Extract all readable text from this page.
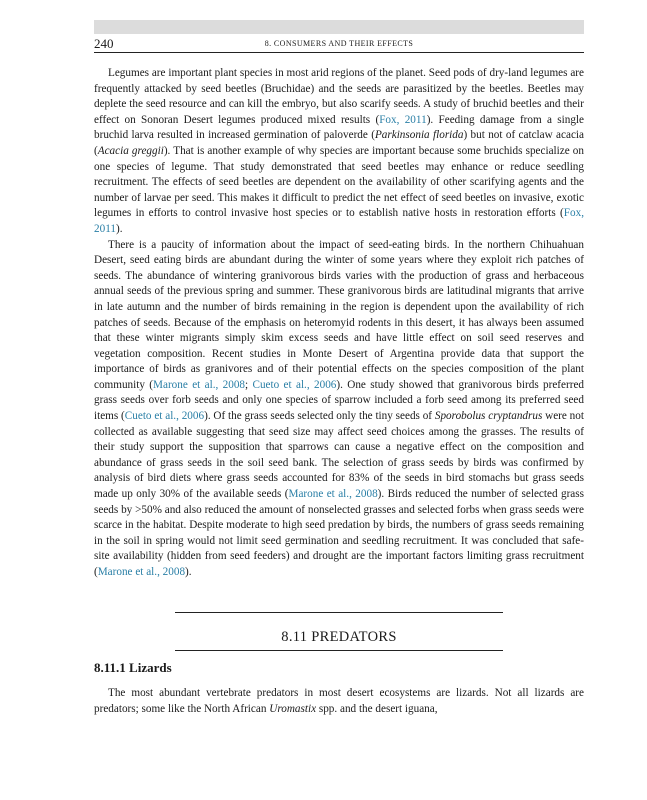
240	8. CONSUMERS AND THEIR EFFECTS

Legumes are important plant species in most arid regions of the planet. Seed pods of dry-land legumes are frequently attacked by seed beetles (Bruchidae) and the seeds are parasitized by the beetles. Beetles may deplete the seed resource and can kill the embryo, but also scarify seeds. A study of bruchid beetles and their effect on Sonoran Desert legumes produced mixed results (Fox, 2011). Feeding damage from a single bruchid larva resulted in increased germination of paloverde (Parkinsonia florida) but not of catclaw acacia (Acacia greggii). That is another example of why species are important because some bruchids specialize on one species of legume. That study demonstrated that seed beetles may enhance or reduce seedling recruitment. The effects of seed beetles are dependent on the availability of other scarifying agents and the number of larvae per seed. This makes it difficult to predict the net effect of seed beetles on invasive, exotic legumes in efforts to control invasive host species or to establish native hosts in restoration efforts (Fox, 2011).

There is a paucity of information about the impact of seed-eating birds. In the northern Chihuahuan Desert, seed eating birds are abundant during the winter of some years where they exploit rich patches of seeds. The abundance of wintering granivorous birds varies with the production of grass and herbaceous annual seeds of the previous spring and summer. These granivorous birds are latitudinal migrants that arrive in late autumn and the number of birds remaining in the region is dependent upon the availability of rich patches of seeds. Because of the emphasis on heteromyid rodents in this desert, it has always been assumed that these winter migrants simply skim excess seeds and have little effect on soil seed reserves and vegetation composition. Recent studies in Monte Desert of Argentina provide data that support the importance of birds as granivores and of their potential effects on the species composition of the plant community (Marone et al., 2008; Cueto et al., 2006). One study showed that granivorous birds preferred grass seeds over forb seeds and only one species of sparrow included a forb seed among its preferred seed items (Cueto et al., 2006). Of the grass seeds selected only the tiny seeds of Sporobolus cryptandrus were not collected as available suggesting that seed size may affect seed choices among the grasses. The results of their study support the supposition that sparrows can cause a negative effect on the composition and abundance of grass seeds in the soil seed bank. The selection of grass seeds by birds was confirmed by analysis of bird diets where grass seeds accounted for 83% of the seeds in bird stomachs but grass seeds made up only 30% of the available seeds (Marone et al., 2008). Birds reduced the number of selected grass seeds by >50% and also reduced the amount of nonselected grasses and selected forbs when grass seeds were scarce in the habitat. Despite moderate to high seed predation by birds, the numbers of grass seeds remaining in the soil in spring would not limit seed germination and seedling recruitment. It was concluded that safe-site availability (hidden from seed feeders) and drought are the important factors limiting grass recruitment (Marone et al., 2008).

8.11 PREDATORS
8.11.1 Lizards

The most abundant vertebrate predators in most desert ecosystems are lizards. Not all lizards are predators; some like the North African Uromastix spp. and the desert iguana,
